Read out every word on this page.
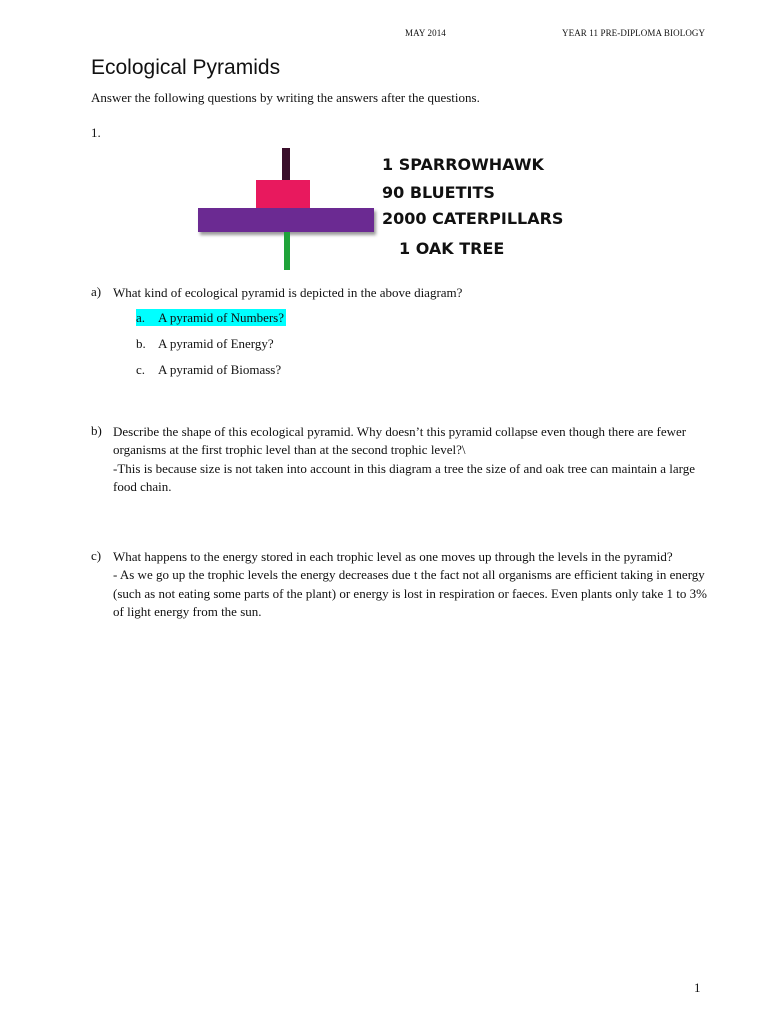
MAY 2014	YEAR 11 PRE-DIPLOMA BIOLOGY
Ecological Pyramids
Answer the following questions by writing the answers after the questions.
1.
1 SPARROWHAWK
90 BLUETITS
2000 CATERPILLARS
1 OAK TREE
a) What kind of ecological pyramid is depicted in the above diagram?
a. A pyramid of Numbers?
b. A pyramid of Energy?
c. A pyramid of Biomass?
b) Describe the shape of this ecological pyramid. Why doesn’t this pyramid collapse even though there are fewer organisms at the first trophic level than at the second trophic level?\
-This is because size is not taken into account in this diagram a tree the size of and oak tree can maintain a large food chain.
c) What happens to the energy stored in each trophic level as one moves up through the levels in the pyramid?
- As we go up the trophic levels the energy decreases due t the fact not all organisms are efficient taking in energy (such as not eating some parts of the plant) or energy is lost in respiration or faeces. Even plants only take 1 to 3% of light energy from the sun.
1
